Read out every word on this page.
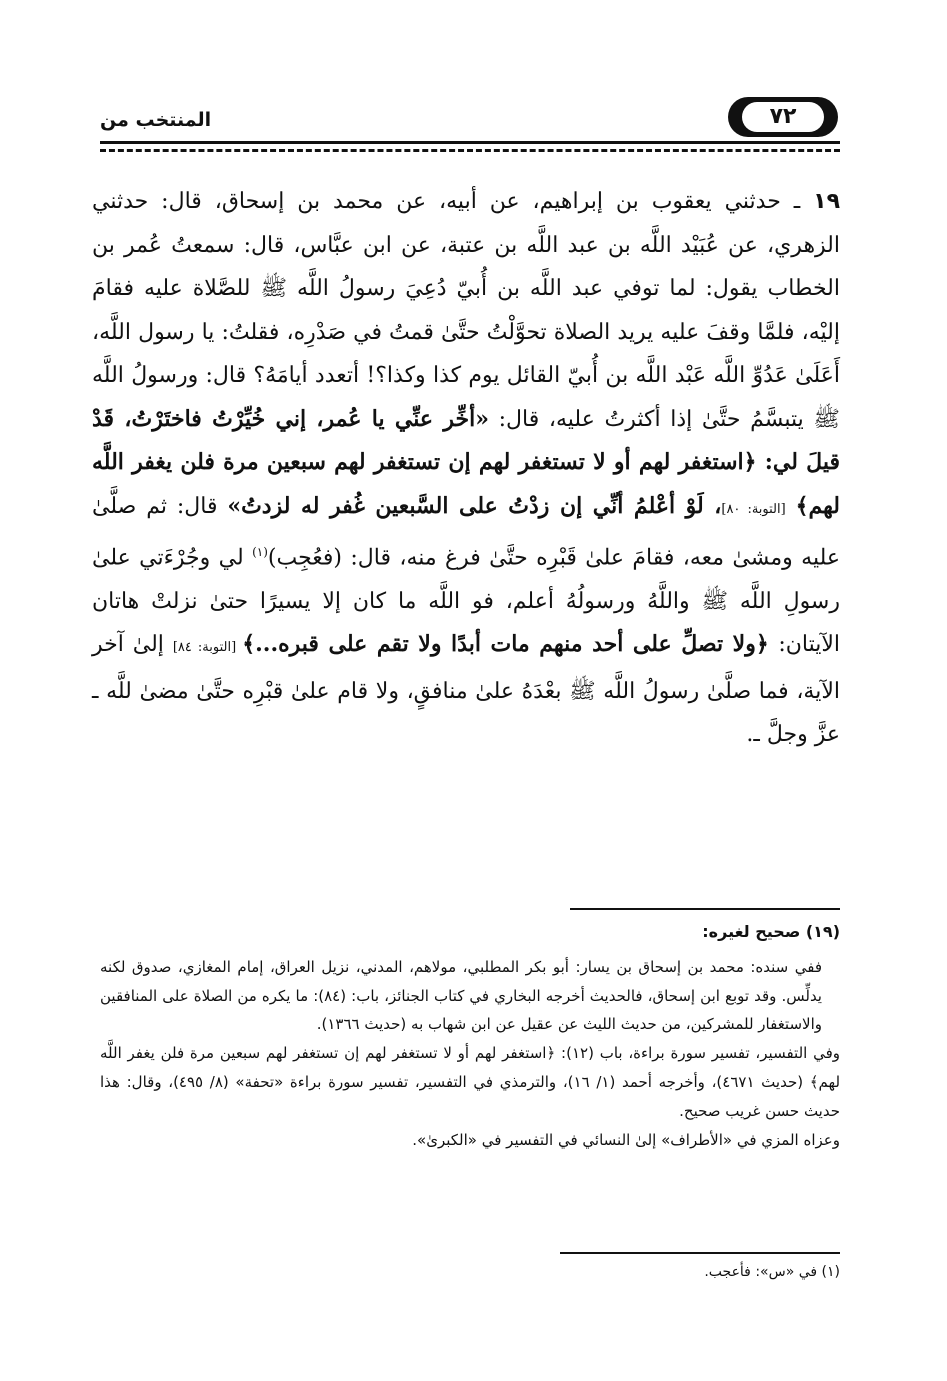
٧٢
المنتخب من

١٩ ـ حدثني يعقوب بن إبراهيم، عن أبيه، عن محمد بن إسحاق، قال: حدثني الزهري، عن عُبَيْد اللَّه بن عبد اللَّه بن عتبة، عن ابن عبَّاس، قال: سمعتُ عُمر بن الخطاب يقول: لما توفي عبد اللَّه بن أُبيّ دُعِيَ رسولُ اللَّه ﷺ للصَّلاة عليه فقامَ إليْه، فلمَّا وقفَ عليه يريد الصلاة تحوَّلْتُ حتَّىٰ قمتُ في صَدْرِه، فقلتُ: يا رسول اللَّه، أَعَلَىٰ عَدُوِّ اللَّه عَبْد اللَّه بن أُبيّ القائل يوم كذا وكذا؟! أتعدد أيامَهُ؟ قال: ورسولُ اللَّه ﷺ يتبسَّمُ حتَّىٰ إذا أكثرتُ عليه، قال: «أخِّر عنِّي يا عُمر، إني خُيِّرْتُ فاختَرْتُ، قَدْ قيلَ لي: ﴿استغفر لهم أو لا تستغفر لهم إن تستغفر لهم سبعين مرة فلن يغفر اللَّه لهم﴾ [التوبة: ٨٠]، لَوْ أعْلمُ أنِّي إن زدْتُ على السَّبعين غُفر له لزدتُ» قال: ثم صلَّىٰ عليه ومشىٰ معه، فقامَ علىٰ قَبْرِه حتَّىٰ فرغ منه، قال: (فعُجِب)$^{(١)}$ لي وجُرْءَتي علىٰ رسولِ اللَّه ﷺ واللَّهُ ورسولُهُ أعلم، فو اللَّه ما كان إلا يسيرًا حتىٰ نزلتْ هاتان الآيتان: ﴿ولا تصلِّ على أحد منهم مات أبدًا ولا تقم على قبره...﴾ [التوبة: ٨٤] إلىٰ آخر الآية، فما صلَّىٰ رسولُ اللَّه ﷺ بعْدَهُ علىٰ منافقٍ، ولا قام علىٰ قبْرِه حتَّىٰ مضىٰ للَّه ـ عزَّ وجلَّ ـ.

(١٩) صحيح لغيره:

ففي سنده: محمد بن إسحاق بن يسار: أبو بكر المطلبي، مولاهم، المدني، نزيل العراق، إمام المغازي، صدوق لكنه يدلِّس. وقد توبع ابن إسحاق، فالحديث أخرجه البخاري في كتاب الجنائز، باب: (٨٤): ما يكره من الصلاة على المنافقين والاستغفار للمشركين، من حديث الليث عن عقيل عن ابن شهاب به (حديث ١٣٦٦).

وفي التفسير، تفسير سورة براءة، باب (١٢): ﴿استغفر لهم أو لا تستغفر لهم إن تستغفر لهم سبعين مرة فلن يغفر اللَّه لهم﴾ (حديث ٤٦٧١)، وأخرجه أحمد (١/ ١٦)، والترمذي في التفسير، تفسير سورة براءة «تحفة» (٨/ ٤٩٥)، وقال: هذا حديث حسن غريب صحيح.

وعزاه المزي في «الأطراف» إلىٰ النسائي في التفسير في «الكبرىٰ».

(١) في «س»: فأعجب.
